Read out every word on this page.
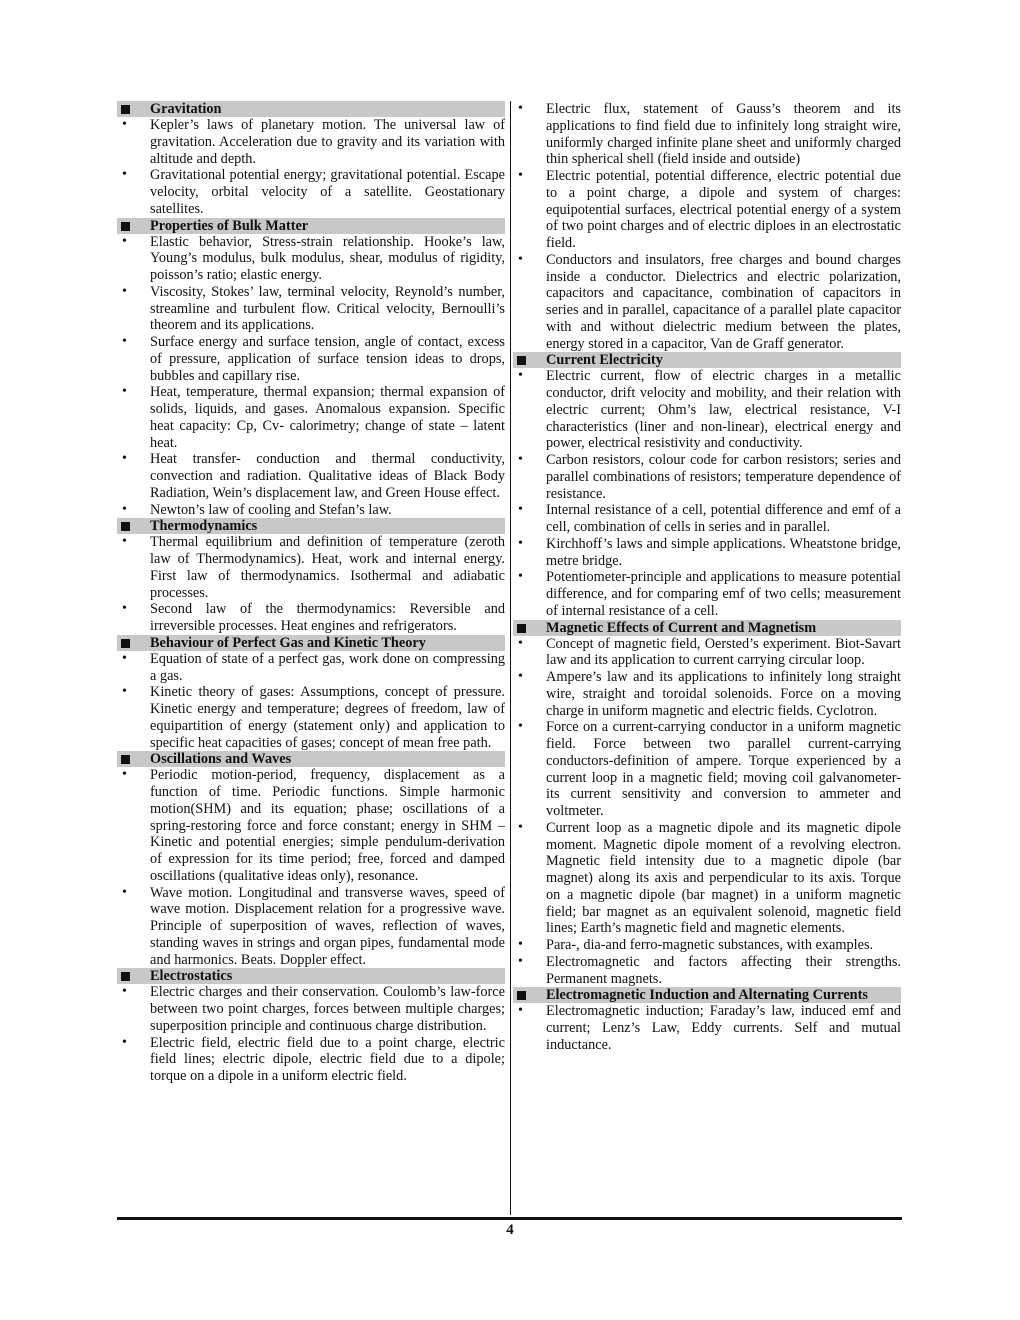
Gravitation
• Kepler’s laws of planetary motion. The universal law of gravitation. Acceleration due to gravity and its variation with altitude and depth.
• Gravitational potential energy; gravitational potential. Escape velocity, orbital velocity of a satellite. Geostationary satellites.
Properties of Bulk Matter
• Elastic behavior, Stress-strain relationship. Hooke’s law, Young’s modulus, bulk modulus, shear, modulus of rigidity, poisson’s ratio; elastic energy.
• Viscosity, Stokes’ law, terminal velocity, Reynold’s number, streamline and turbulent flow. Critical velocity, Bernoulli’s theorem and its applications.
• Surface energy and surface tension, angle of contact, excess of pressure, application of surface tension ideas to drops, bubbles and capillary rise.
• Heat, temperature, thermal expansion; thermal expansion of solids, liquids, and gases. Anomalous expansion. Specific heat capacity: Cp, Cv- calorimetry; change of state – latent heat.
• Heat transfer- conduction and thermal conductivity, convection and radiation. Qualitative ideas of Black Body Radiation, Wein’s displacement law, and Green House effect.
• Newton’s law of cooling and Stefan’s law.
Thermodynamics
• Thermal equilibrium and definition of temperature (zeroth law of Thermodynamics). Heat, work and internal energy. First law of thermodynamics. Isothermal and adiabatic processes.
• Second law of the thermodynamics: Reversible and irreversible processes. Heat engines and refrigerators.
Behaviour of Perfect Gas and Kinetic Theory
• Equation of state of a perfect gas, work done on compressing a gas.
• Kinetic theory of gases: Assumptions, concept of pressure. Kinetic energy and temperature; degrees of freedom, law of equipartition of energy (statement only) and application to specific heat capacities of gases; concept of mean free path.
Oscillations and Waves
• Periodic motion-period, frequency, displacement as a function of time. Periodic functions. Simple harmonic motion(SHM) and its equation; phase; oscillations of a spring-restoring force and force constant; energy in SHM –Kinetic and potential energies; simple pendulum-derivation of expression for its time period; free, forced and damped oscillations (qualitative ideas only), resonance.
• Wave motion. Longitudinal and transverse waves, speed of wave motion. Displacement relation for a progressive wave. Principle of superposition of waves, reflection of waves, standing waves in strings and organ pipes, fundamental mode and harmonics. Beats. Doppler effect.
Electrostatics
• Electric charges and their conservation. Coulomb’s law-force between two point charges, forces between multiple charges; superposition principle and continuous charge distribution.
• Electric field, electric field due to a point charge, electric field lines; electric dipole, electric field due to a dipole; torque on a dipole in a uniform electric field.
• Electric flux, statement of Gauss’s theorem and its applications to find field due to infinitely long straight wire, uniformly charged infinite plane sheet and uniformly charged thin spherical shell (field inside and outside)
• Electric potential, potential difference, electric potential due to a point charge, a dipole and system of charges: equipotential surfaces, electrical potential energy of a system of two point charges and of electric diploes in an electrostatic field.
• Conductors and insulators, free charges and bound charges inside a conductor. Dielectrics and electric polarization, capacitors and capacitance, combination of capacitors in series and in parallel, capacitance of a parallel plate capacitor with and without dielectric medium between the plates, energy stored in a capacitor, Van de Graff generator.
Current Electricity
• Electric current, flow of electric charges in a metallic conductor, drift velocity and mobility, and their relation with electric current; Ohm’s law, electrical resistance, V-I characteristics (liner and non-linear), electrical energy and power, electrical resistivity and conductivity.
• Carbon resistors, colour code for carbon resistors; series and parallel combinations of resistors; temperature dependence of resistance.
• Internal resistance of a cell, potential difference and emf of a cell, combination of cells in series and in parallel.
• Kirchhoff’s laws and simple applications. Wheatstone bridge, metre bridge.
• Potentiometer-principle and applications to measure potential difference, and for comparing emf of two cells; measurement of internal resistance of a cell.
Magnetic Effects of Current and Magnetism
• Concept of magnetic field, Oersted’s experiment. Biot-Savart law and its application to current carrying circular loop.
• Ampere’s law and its applications to infinitely long straight wire, straight and toroidal solenoids. Force on a moving charge in uniform magnetic and electric fields. Cyclotron.
• Force on a current-carrying conductor in a uniform magnetic field. Force between two parallel current-carrying conductors-definition of ampere. Torque experienced by a current loop in a magnetic field; moving coil galvanometer-its current sensitivity and conversion to ammeter and voltmeter.
• Current loop as a magnetic dipole and its magnetic dipole moment. Magnetic dipole moment of a revolving electron. Magnetic field intensity due to a magnetic dipole (bar magnet) along its axis and perpendicular to its axis. Torque on a magnetic dipole (bar magnet) in a uniform magnetic field; bar magnet as an equivalent solenoid, magnetic field lines; Earth’s magnetic field and magnetic elements.
• Para-, dia-and ferro-magnetic substances, with examples.
• Electromagnetic and factors affecting their strengths. Permanent magnets.
Electromagnetic Induction and Alternating Currents
• Electromagnetic induction; Faraday’s law, induced emf and current; Lenz’s Law, Eddy currents. Self and mutual inductance.
4
